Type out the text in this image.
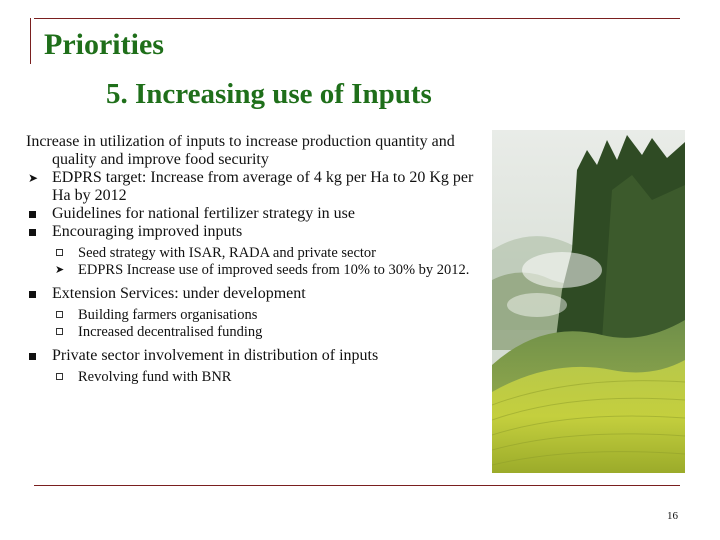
Priorities
5. Increasing use of Inputs

Increase in utilization of inputs to increase production quantity and quality and improve food security

➤ EDPRS target: Increase from average of 4 kg per Ha to 20 Kg per Ha by 2012
Guidelines for national fertilizer strategy in use
Encouraging improved inputs
Seed strategy with ISAR, RADA and private sector
➤ EDPRS Increase use of improved seeds from 10% to 30% by 2012.
Extension Services: under development
Building farmers organisations
Increased decentralised funding
Private sector involvement in distribution of inputs
Revolving fund with BNR
16
